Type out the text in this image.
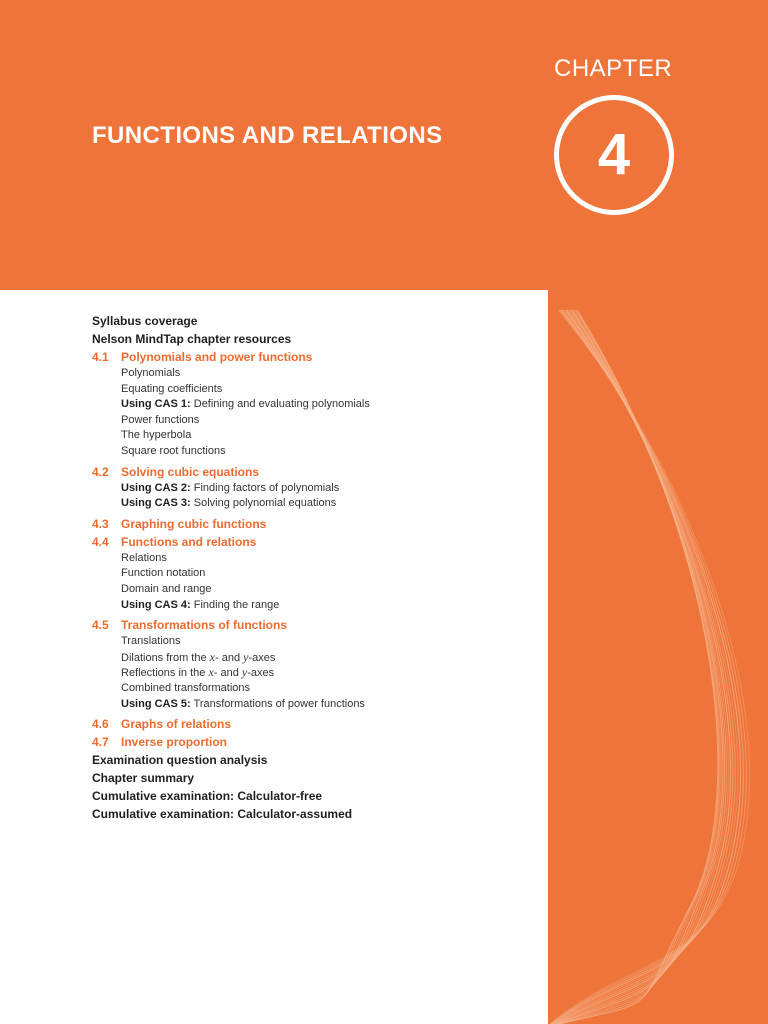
CHAPTER
4
FUNCTIONS AND RELATIONS
Syllabus coverage
Nelson MindTap chapter resources
4.1 Polynomials and power functions
Polynomials
Equating coefficients
Using CAS 1: Defining and evaluating polynomials
Power functions
The hyperbola
Square root functions
4.2 Solving cubic equations
Using CAS 2: Finding factors of polynomials
Using CAS 3: Solving polynomial equations
4.3 Graphing cubic functions
4.4 Functions and relations
Relations
Function notation
Domain and range
Using CAS 4: Finding the range
4.5 Transformations of functions
Translations
Dilations from the x- and y-axes
Reflections in the x- and y-axes
Combined transformations
Using CAS 5: Transformations of power functions
4.6 Graphs of relations
4.7 Inverse proportion
Examination question analysis
Chapter summary
Cumulative examination: Calculator-free
Cumulative examination: Calculator-assumed
